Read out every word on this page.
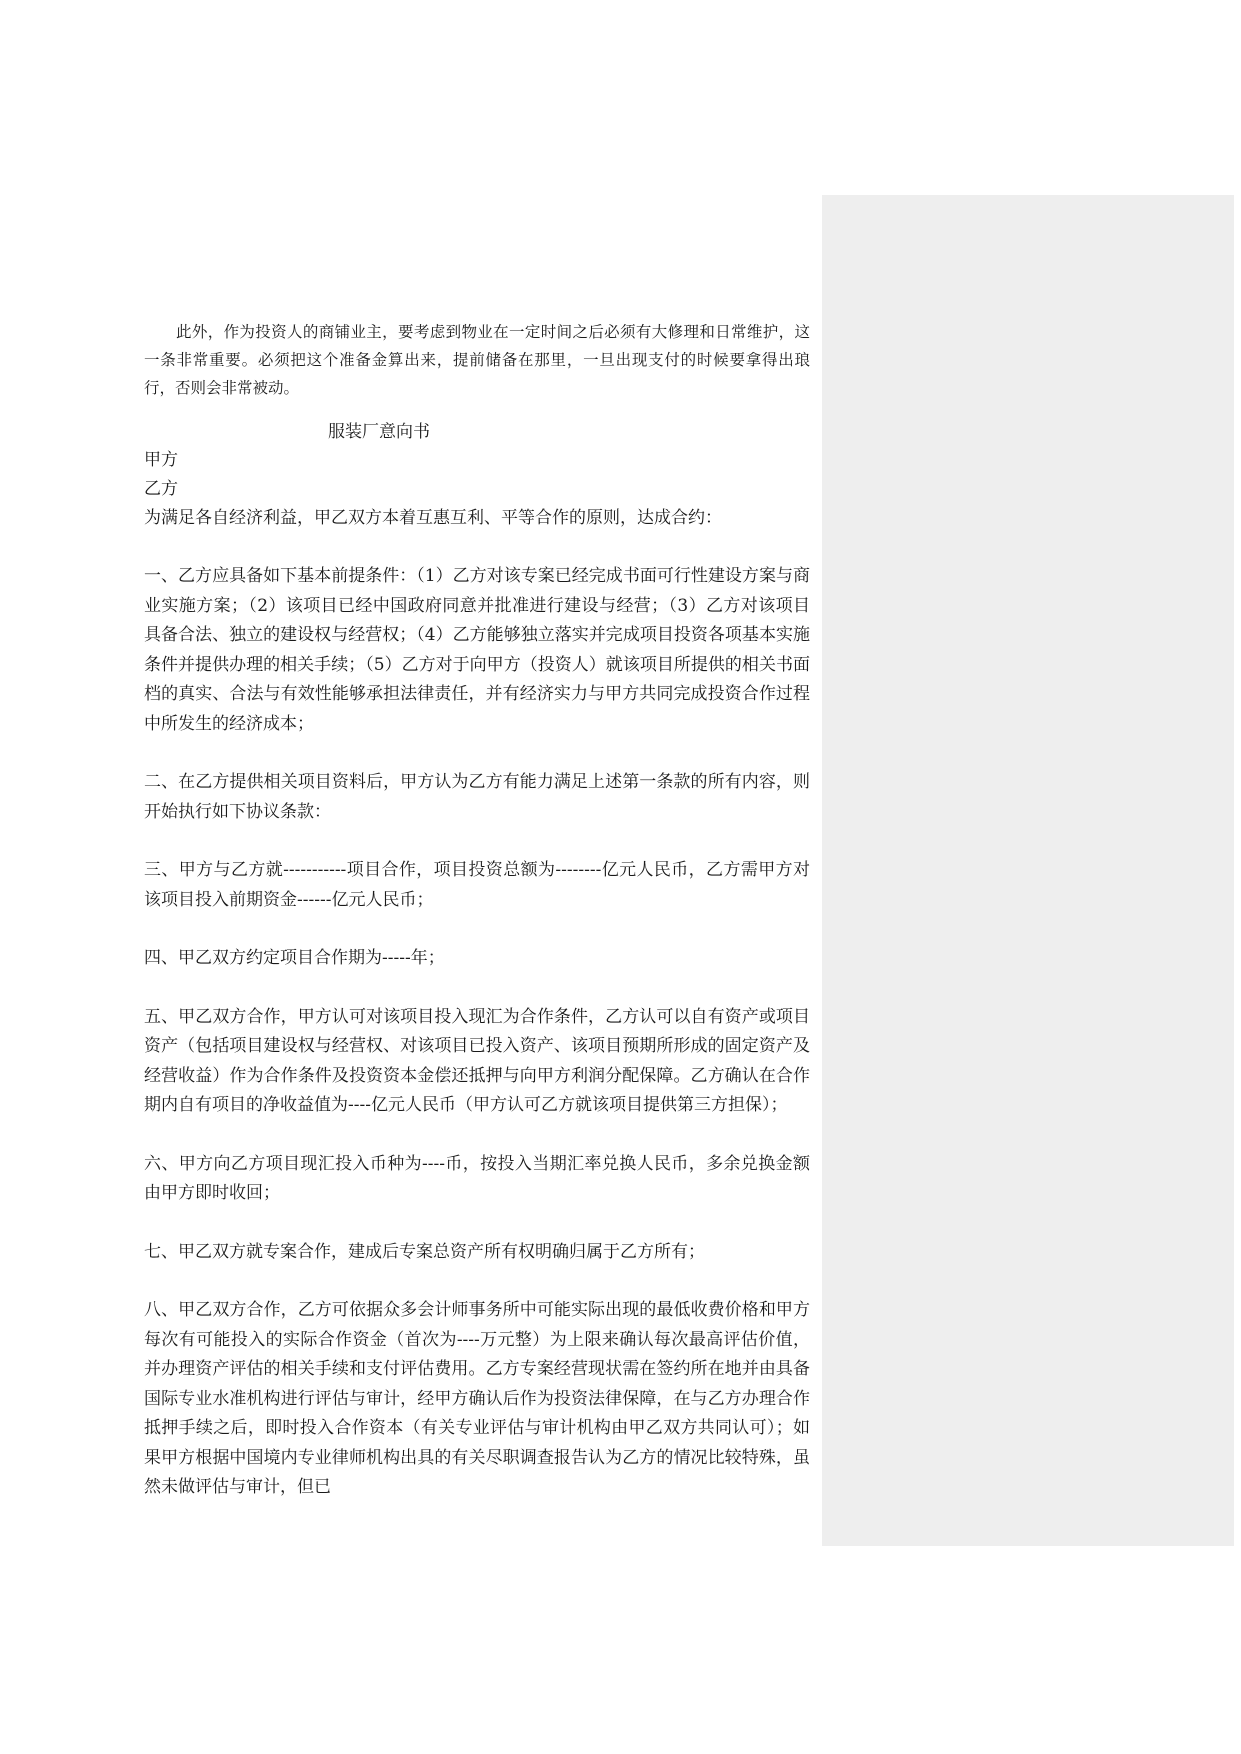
此外，作为投资人的商铺业主，要考虑到物业在一定时间之后必须有大修理和日常维护，这一条非常重要。必须把这个准备金算出来，提前储备在那里，一旦出现支付的时候要拿得出琅行，否则会非常被动。

服装厂意向书

甲方

乙方

为满足各自经济利益，甲乙双方本着互惠互利、平等合作的原则，达成合约：

一、乙方应具备如下基本前提条件：（1）乙方对该专案已经完成书面可行性建设方案与商业实施方案；（2）该项目已经中国政府同意并批准进行建设与经营；（3）乙方对该项目具备合法、独立的建设权与经营权；（4）乙方能够独立落实并完成项目投资各项基本实施条件并提供办理的相关手续；（5）乙方对于向甲方（投资人）就该项目所提供的相关书面档的真实、合法与有效性能够承担法律责任，并有经济实力与甲方共同完成投资合作过程中所发生的经济成本；

二、在乙方提供相关项目资料后，甲方认为乙方有能力满足上述第一条款的所有内容，则开始执行如下协议条款：

三、甲方与乙方就-----------项目合作，项目投资总额为--------亿元人民币，乙方需甲方对该项目投入前期资金------亿元人民币；

四、甲乙双方约定项目合作期为-----年；

五、甲乙双方合作，甲方认可对该项目投入现汇为合作条件，乙方认可以自有资产或项目资产（包括项目建设权与经营权、对该项目已投入资产、该项目预期所形成的固定资产及经营收益）作为合作条件及投资资本金偿还抵押与向甲方利润分配保障。乙方确认在合作期内自有项目的净收益值为----亿元人民币（甲方认可乙方就该项目提供第三方担保）；

六、甲方向乙方项目现汇投入币种为----币，按投入当期汇率兑换人民币，多余兑换金额由甲方即时收回；

七、甲乙双方就专案合作，建成后专案总资产所有权明确归属于乙方所有；

八、甲乙双方合作，乙方可依据众多会计师事务所中可能实际出现的最低收费价格和甲方每次有可能投入的实际合作资金（首次为----万元整）为上限来确认每次最高评估价值，并办理资产评估的相关手续和支付评估费用。乙方专案经营现状需在签约所在地并由具备国际专业水准机构进行评估与审计，经甲方确认后作为投资法律保障，在与乙方办理合作抵押手续之后，即时投入合作资本（有关专业评估与审计机构由甲乙双方共同认可）；如果甲方根据中国境内专业律师机构出具的有关尽职调查报告认为乙方的情况比较特殊，虽然未做评估与审计，但已
